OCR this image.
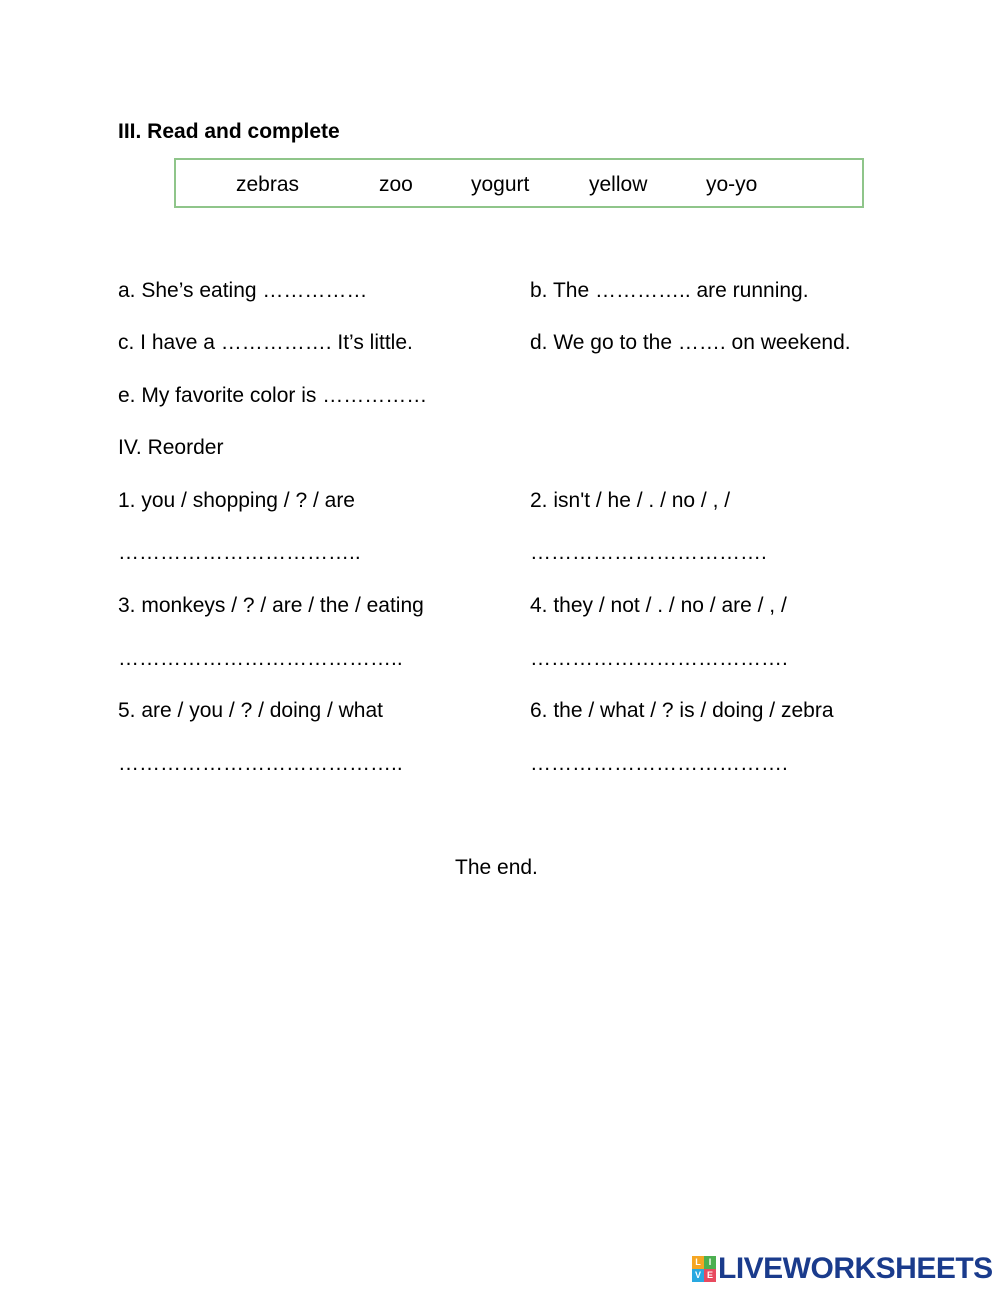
III. Read and complete
zebras	zoo	yogurt	yellow	yo-yo
a. She’s eating ……………	b. The ………….. are running.
c. I have a ……………. It’s little.	d. We go to the ……. on weekend.
e. My favorite color is ……………
IV. Reorder
1. you / shopping / ? / are	2. isn't / he / . / no / , /
……………………………..	…………………………….
3. monkeys / ? / are / the / eating	4. they / not / . / no / are / , /
…………………………………..	……………………………….
5. are / you / ? / doing / what	6. the / what / ? is / doing / zebra
…………………………………..	……………………………….
The end.
L I
V E LIVEWORKSHEETS
